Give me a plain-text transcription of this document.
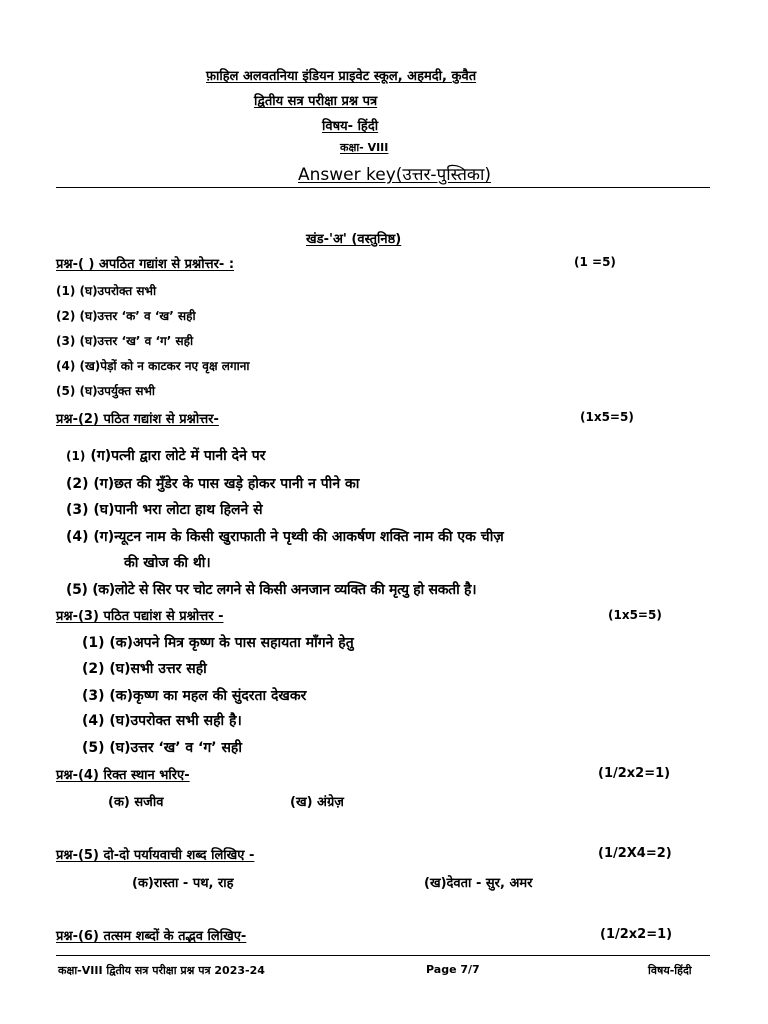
फ़ाहिल अलवतनिया इंडियन प्राइवेट स्कूल, अहमदी, कुवैत
द्वितीय सत्र परीक्षा प्रश्न पत्र
विषय- हिंदी
कक्षा- VIII
Answer key(उत्तर-पुस्तिका)
खंड-'अ' (वस्तुनिष्ठ)
प्रश्न-( ) अपठित गद्यांश से प्रश्नोत्तर- :	(1 =5)
(1) (घ)उपरोक्त सभी
(2) (घ)उत्तर ‘क’ व ‘ख’ सही
(3) (घ)उत्तर ‘ख’ व ‘ग’ सही
(4) (ख)पेड़ों को न काटकर नए वृक्ष लगाना
(5) (घ)उपर्युक्त सभी
प्रश्न-(2) पठित गद्यांश से प्रश्नोत्तर-	(1x5=5)
(1) (ग)पत्नी द्वारा लोटे में पानी देने पर
(2) (ग)छत की मुँडेर के पास खड़े होकर पानी न पीने का
(3) (घ)पानी भरा लोटा हाथ हिलने से
(4) (ग)न्यूटन नाम के किसी खुराफाती ने पृथ्वी की आकर्षण शक्ति नाम की एक चीज़
की खोज की थी।
(5) (क)लोटे से सिर पर चोट लगने से किसी अनजान व्यक्ति की मृत्यु हो सकती है।
प्रश्न-(3) पठित पद्यांश से प्रश्नोत्तर -	(1x5=5)
(1) (क)अपने मित्र कृष्ण के पास सहायता माँगने हेतु
(2) (घ)सभी उत्तर सही
(3) (क)कृष्ण का महल की सुंदरता देखकर
(4) (घ)उपरोक्त सभी सही है।
(5) (घ)उत्तर ‘ख’ व ‘ग’ सही
प्रश्न-(4) रिक्त स्थान भरिए-	(1/2x2=1)
(क) सजीव	(ख) अंग्रेज़
प्रश्न-(5) दो-दो पर्यायवाची शब्द लिखिए -	(1/2X4=2)
(क)रास्ता - पथ, राह	(ख)देवता - सुर, अमर
प्रश्न-(6) तत्सम शब्दों के तद्भव लिखिए-	(1/2x2=1)
कक्षा-VIII द्वितीय सत्र परीक्षा प्रश्न पत्र 2023-24	Page 7/7	विषय-हिंदी
